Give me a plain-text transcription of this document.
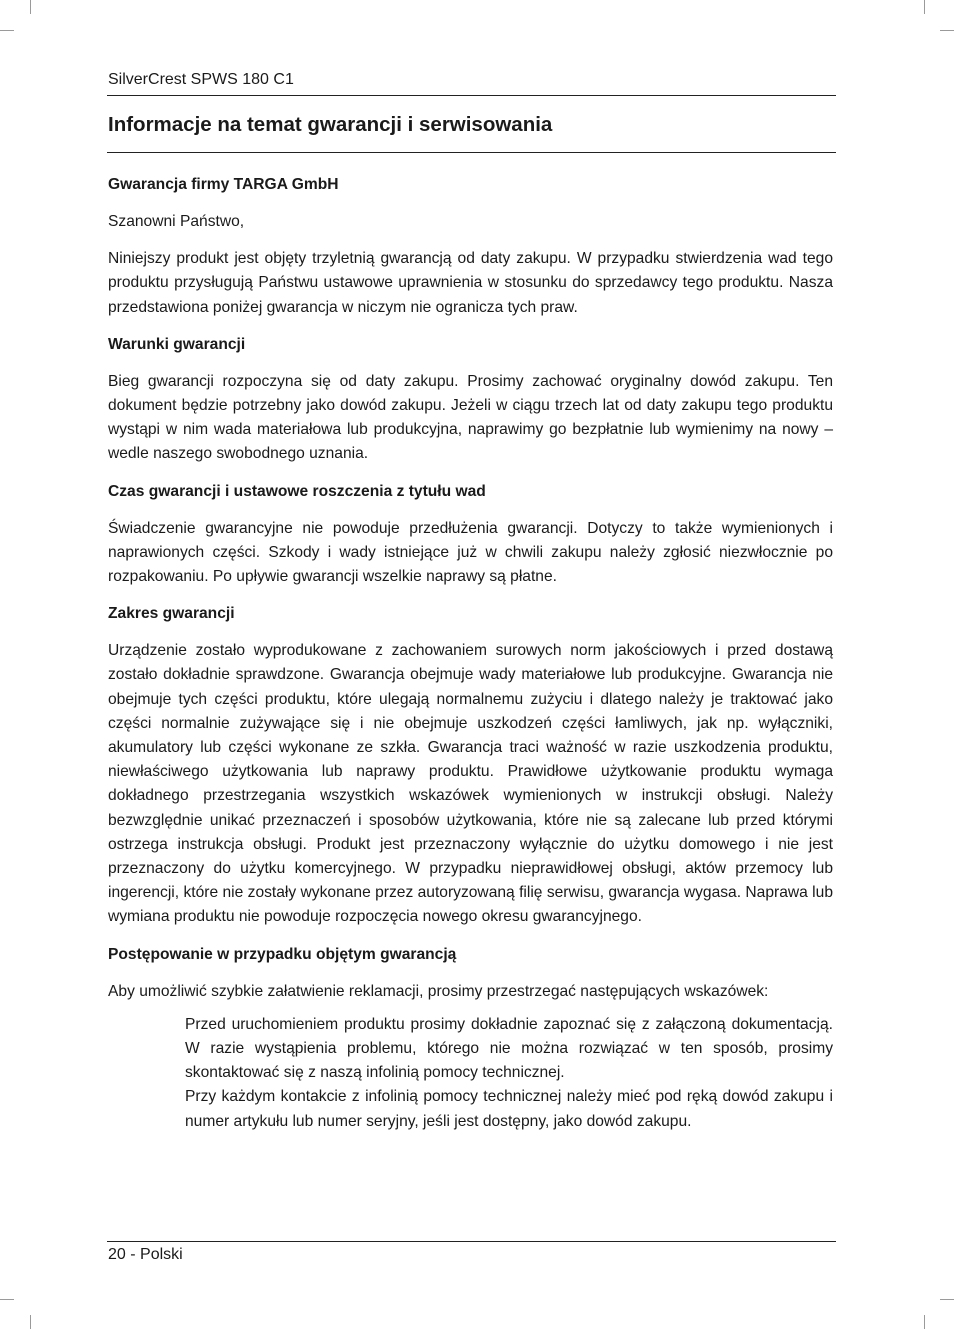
SilverCrest SPWS 180 C1
Informacje na temat gwarancji i serwisowania
Gwarancja firmy TARGA GmbH

Szanowni Państwo,

Niniejszy produkt jest objęty trzyletnią gwarancją od daty zakupu. W przypadku stwierdzenia wad tego produktu przysługują Państwu ustawowe uprawnienia w stosunku do sprzedawcy tego produktu. Nasza przedstawiona poniżej gwarancja w niczym nie ogranicza tych praw.

Warunki gwarancji

Bieg gwarancji rozpoczyna się od daty zakupu. Prosimy zachować oryginalny dowód zakupu. Ten dokument będzie potrzebny jako dowód zakupu. Jeżeli w ciągu trzech lat od daty zakupu tego produktu wystąpi w nim wada materiałowa lub produkcyjna, naprawimy go bezpłatnie lub wymienimy na nowy – wedle naszego swobodnego uznania.

Czas gwarancji i ustawowe roszczenia z tytułu wad

Świadczenie gwarancyjne nie powoduje przedłużenia gwarancji. Dotyczy to także wymienionych i naprawionych części. Szkody i wady istniejące już w chwili zakupu należy zgłosić niezwłocznie po rozpakowaniu. Po upływie gwarancji wszelkie naprawy są płatne.

Zakres gwarancji

Urządzenie zostało wyprodukowane z zachowaniem surowych norm jakościowych i przed dostawą zostało dokładnie sprawdzone. Gwarancja obejmuje wady materiałowe lub produkcyjne. Gwarancja nie obejmuje tych części produktu, które ulegają normalnemu zużyciu i dlatego należy je traktować jako części normalnie zużywające się i nie obejmuje uszkodzeń części łamliwych, jak np. wyłączniki, akumulatory lub części wykonane ze szkła. Gwarancja traci ważność w razie uszkodzenia produktu, niewłaściwego użytkowania lub naprawy produktu. Prawidłowe użytkowanie produktu wymaga dokładnego przestrzegania wszystkich wskazówek wymienionych w instrukcji obsługi. Należy bezwzględnie unikać przeznaczeń i sposobów użytkowania, które nie są zalecane lub przed którymi ostrzega instrukcja obsługi. Produkt jest przeznaczony wyłącznie do użytku domowego i nie jest przeznaczony do użytku komercyjnego. W przypadku nieprawidłowej obsługi, aktów przemocy lub ingerencji, które nie zostały wykonane przez autoryzowaną filię serwisu, gwarancja wygasa. Naprawa lub wymiana produktu nie powoduje rozpoczęcia nowego okresu gwarancyjnego.

Postępowanie w przypadku objętym gwarancją

Aby umożliwić szybkie załatwienie reklamacji, prosimy przestrzegać następujących wskazówek:

Przed uruchomieniem produktu prosimy dokładnie zapoznać się z załączoną dokumentacją. W razie wystąpienia problemu, którego nie można rozwiązać w ten sposób, prosimy skontaktować się z naszą infolinią pomocy technicznej.
Przy każdym kontakcie z infolinią pomocy technicznej należy mieć pod ręką dowód zakupu i numer artykułu lub numer seryjny, jeśli jest dostępny, jako dowód zakupu.
20 - Polski
